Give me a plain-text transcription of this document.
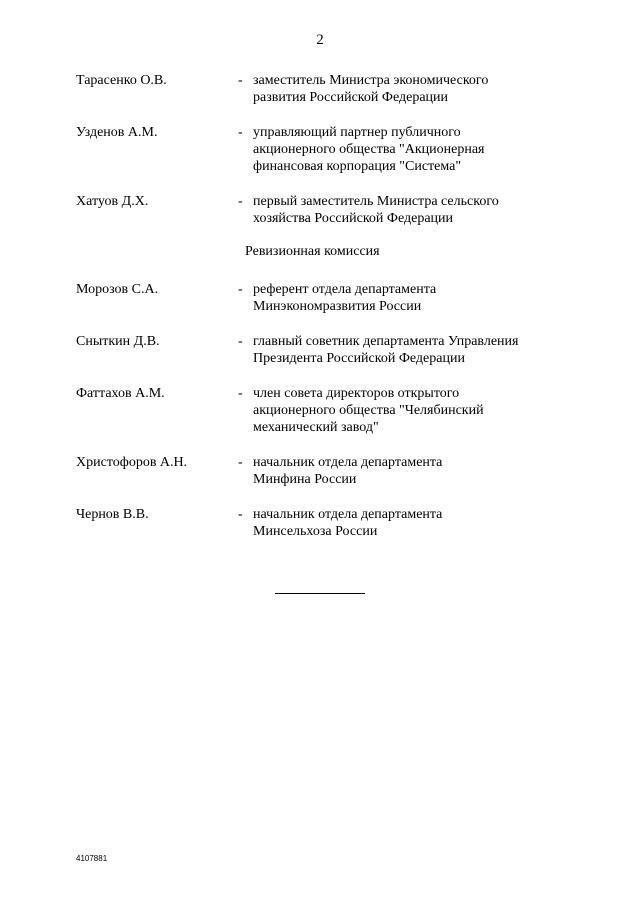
2
Тарасенко О.В.	- заместитель Министра экономического
развития Российской Федерации
Узденов А.М.	- управляющий партнер публичного
акционерного общества "Акционерная
финансовая корпорация "Система"
Хатуов Д.Х.	- первый заместитель Министра сельского
хозяйства Российской Федерации
Ревизионная комиссия
Морозов С.А.	- референт отдела департамента
Минэкономразвития России
Сныткин Д.В.	- главный советник департамента Управления
Президента Российской Федерации
Фаттахов А.М.	- член совета директоров открытого
акционерного общества "Челябинский
механический завод"
Христофоров А.Н.	- начальник отдела департамента
Минфина России
Чернов В.В.	- начальник отдела департамента
Минсельхоза России
4107881
